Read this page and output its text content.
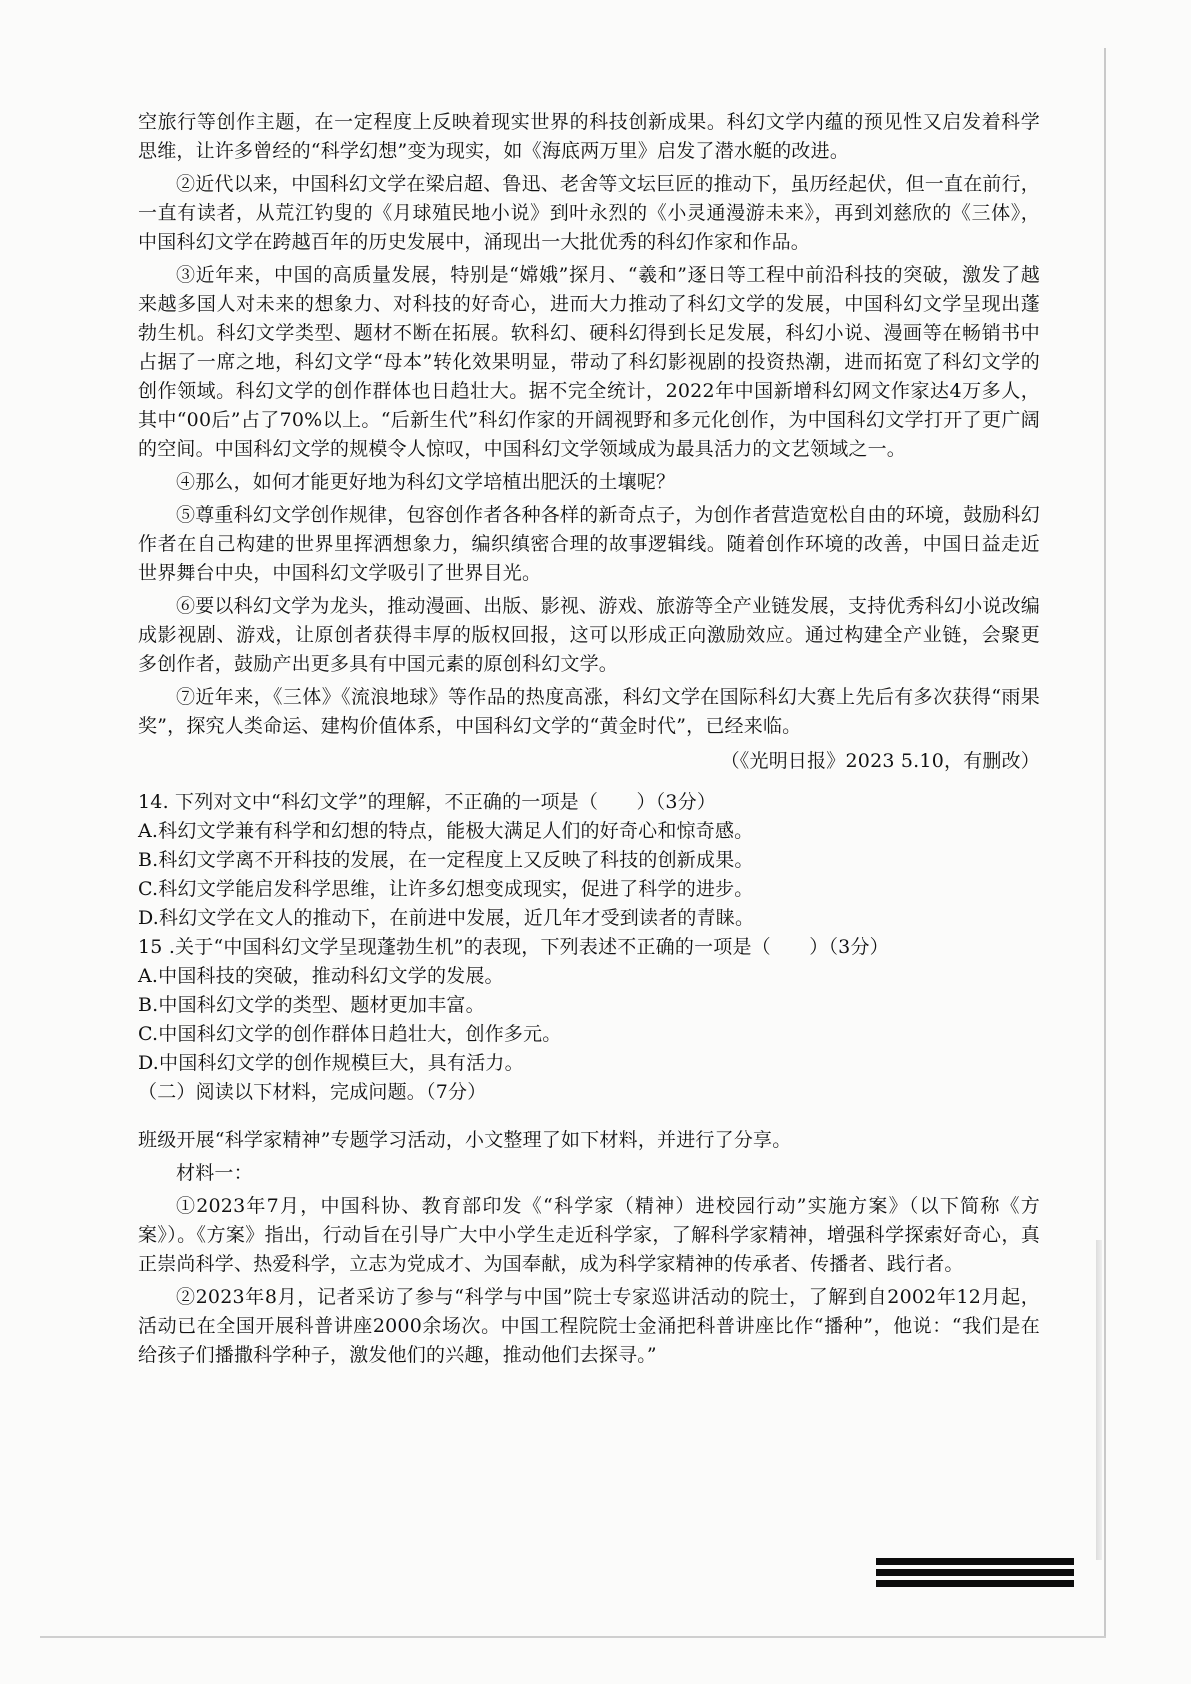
空旅行等创作主题，在一定程度上反映着现实世界的科技创新成果。科幻文学内蕴的预见性又启发着科学思维，让许多曾经的“科学幻想”变为现实，如《海底两万里》启发了潜水艇的改进。

②近代以来，中国科幻文学在梁启超、鲁迅、老舍等文坛巨匠的推动下，虽历经起伏，但一直在前行，一直有读者，从荒江钓叟的《月球殖民地小说》到叶永烈的《小灵通漫游未来》，再到刘慈欣的《三体》，中国科幻文学在跨越百年的历史发展中，涌现出一大批优秀的科幻作家和作品。

③近年来，中国的高质量发展，特别是“嫦娥”探月、“羲和”逐日等工程中前沿科技的突破，激发了越来越多国人对未来的想象力、对科技的好奇心，进而大力推动了科幻文学的发展，中国科幻文学呈现出蓬勃生机。科幻文学类型、题材不断在拓展。软科幻、硬科幻得到长足发展，科幻小说、漫画等在畅销书中占据了一席之地，科幻文学“母本”转化效果明显，带动了科幻影视剧的投资热潮，进而拓宽了科幻文学的创作领域。科幻文学的创作群体也日趋壮大。据不完全统计，2022年中国新增科幻网文作家达4万多人，其中“00后”占了70%以上。“后新生代”科幻作家的开阔视野和多元化创作，为中国科幻文学打开了更广阔的空间。中国科幻文学的规模令人惊叹，中国科幻文学领域成为最具活力的文艺领域之一。

④那么，如何才能更好地为科幻文学培植出肥沃的土壤呢？

⑤尊重科幻文学创作规律，包容创作者各种各样的新奇点子，为创作者营造宽松自由的环境，鼓励科幻作者在自己构建的世界里挥洒想象力，编织缜密合理的故事逻辑线。随着创作环境的改善，中国日益走近世界舞台中央，中国科幻文学吸引了世界目光。

⑥要以科幻文学为龙头，推动漫画、出版、影视、游戏、旅游等全产业链发展，支持优秀科幻小说改编成影视剧、游戏，让原创者获得丰厚的版权回报，这可以形成正向激励效应。通过构建全产业链，会聚更多创作者，鼓励产出更多具有中国元素的原创科幻文学。

⑦近年来，《三体》《流浪地球》等作品的热度高涨，科幻文学在国际科幻大赛上先后有多次获得“雨果奖”，探究人类命运、建构价值体系，中国科幻文学的“黄金时代”，已经来临。

（《光明日报》2023 5.10，有删改）

14. 下列对文中“科幻文学”的理解，不正确的一项是（　　）（3分）

A.科幻文学兼有科学和幻想的特点，能极大满足人们的好奇心和惊奇感。

B.科幻文学离不开科技的发展，在一定程度上又反映了科技的创新成果。

C.科幻文学能启发科学思维，让许多幻想变成现实，促进了科学的进步。

D.科幻文学在文人的推动下，在前进中发展，近几年才受到读者的青睐。

15 .关于“中国科幻文学呈现蓬勃生机”的表现，下列表述不正确的一项是（　　）（3分）

A.中国科技的突破，推动科幻文学的发展。

B.中国科幻文学的类型、题材更加丰富。

C.中国科幻文学的创作群体日趋壮大，创作多元。

D.中国科幻文学的创作规模巨大，具有活力。

（二）阅读以下材料，完成问题。（7分）

班级开展“科学家精神”专题学习活动，小文整理了如下材料，并进行了分享。

材料一：

①2023年7月，中国科协、教育部印发《“科学家（精神）进校园行动”实施方案》（以下简称《方案》）。《方案》指出，行动旨在引导广大中小学生走近科学家，了解科学家精神，增强科学探索好奇心，真正崇尚科学、热爱科学，立志为党成才、为国奉献，成为科学家精神的传承者、传播者、践行者。

②2023年8月，记者采访了参与“科学与中国”院士专家巡讲活动的院士，了解到自2002年12月起，活动已在全国开展科普讲座2000余场次。中国工程院院士金涌把科普讲座比作“播种”，他说：“我们是在给孩子们播撒科学种子，激发他们的兴趣，推动他们去探寻。”
